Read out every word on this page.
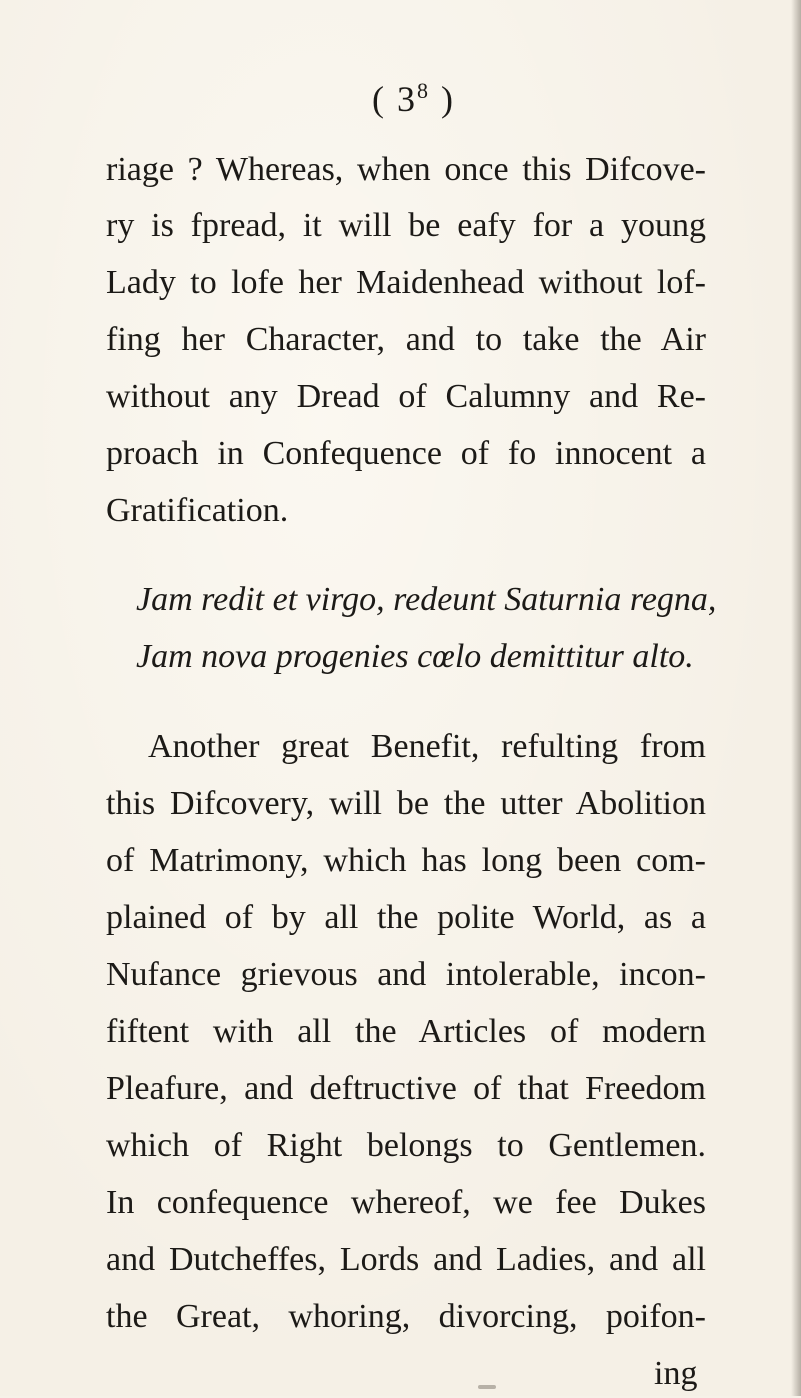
( $3^8$ )
riage ? Whereas, when once this Difcove-
ry is fpread, it will be eafy for a young
Lady to lofe her Maidenhead without lof-
fing her Character, and to take the Air
without any Dread of Calumny and Re-
proach in Confequence of fo innocent a
Gratification.
Jam redit et virgo, redeunt Saturnia regna,
Jam nova progenies cœlo demittitur alto.
Another great Benefit, refulting from
this Difcovery, will be the utter Abolition
of Matrimony, which has long been com-
plained of by all the polite World, as a
Nufance grievous and intolerable, incon-
fiftent with all the Articles of modern
Pleafure, and deftructive of that Freedom
which of Right belongs to Gentlemen.
In confequence whereof, we fee Dukes
and Dutcheffes, Lords and Ladies, and all
the Great, whoring, divorcing, poifon-
ing
